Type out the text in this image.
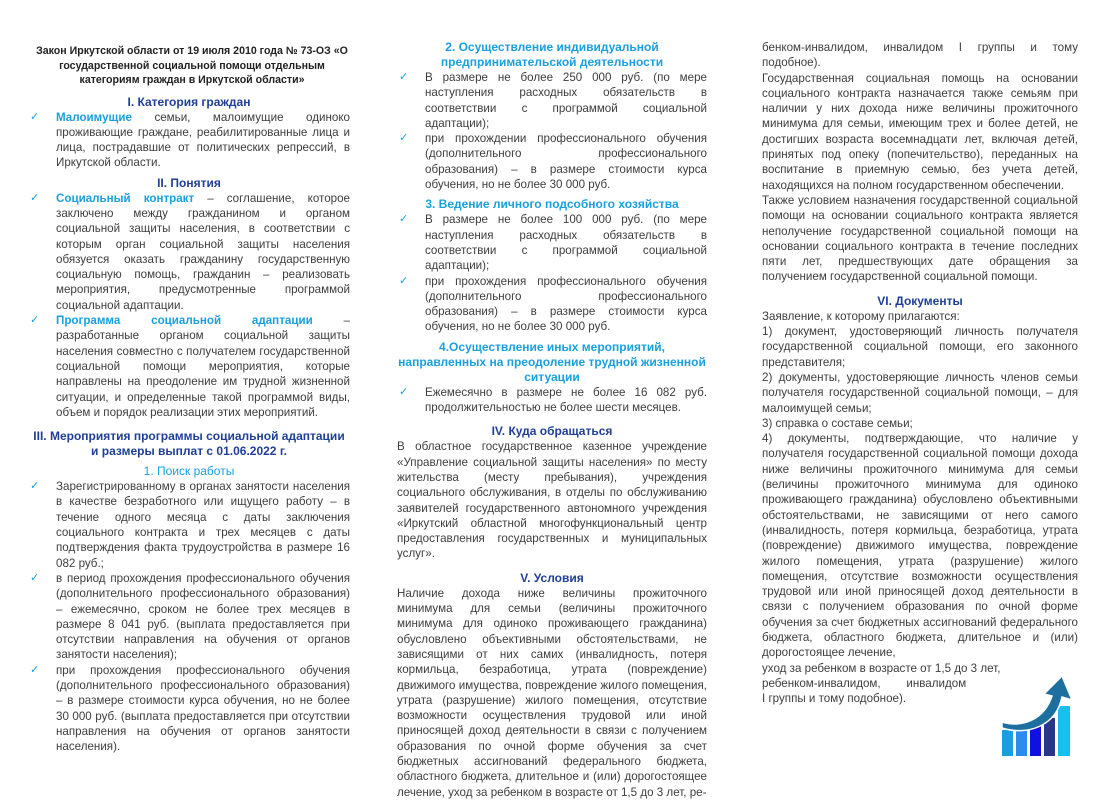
Закон Иркутской области от 19 июля 2010 года № 73-ОЗ «О государственной социальной помощи отдельным категориям граждан в Иркутской области»
I. Категория граждан
✓ Малоимущие семьи, малоимущие одиноко проживающие граждане, реабилитированные лица и лица, пострадавшие от политических репрессий, в Иркутской области.
II. Понятия
✓ Социальный контракт – соглашение, которое заключено между гражданином и органом социальной защиты населения, в соответствии с которым орган социальной защиты населения обязуется оказать гражданину государственную социальную помощь, гражданин – реализовать мероприятия, предусмотренные программой социальной адаптации.
✓ Программа социальной адаптации – разработанные органом социальной защиты населения совместно с получателем государственной социальной помощи мероприятия, которые направлены на преодоление им трудной жизненной ситуации, и определенные такой программой виды, объем и порядок реализации этих мероприятий.
III. Мероприятия программы социальной адаптации и размеры выплат с 01.06.2022 г.
1. Поиск работы
✓ Зарегистрированному в органах занятости населения в качестве безработного или ищущего работу – в течение одного месяца с даты заключения социального контракта и трех месяцев с даты подтверждения факта трудоустройства в размере 16 082 руб.;
✓ в период прохождения профессионального обучения (дополнительного профессионального образования) – ежемесячно, сроком не более трех месяцев в размере 8 041 руб. (выплата предоставляется при отсутствии направления на обучения от органов занятости населения);
✓ при прохождения профессионального обучения (дополнительного профессионального образования) – в размере стоимости курса обучения, но не более 30 000 руб. (выплата предоставляется при отсутствии направления на обучения от органов занятости населения).
2. Осуществление индивидуальной предпринимательской деятельности
✓ В размере не более 250 000 руб. (по мере наступления расходных обязательств в соответствии с программой социальной адаптации);
✓ при прохождении профессионального обучения (дополнительного профессионального образования) – в размере стоимости курса обучения, но не более 30 000 руб.
3. Ведение личного подсобного хозяйства
✓ В размере не более 100 000 руб. (по мере наступления расходных обязательств в соответствии с программой социальной адаптации);
✓ при прохождения профессионального обучения (дополнительного профессионального образования) – в размере стоимости курса обучения, но не более 30 000 руб.
4.Осуществление иных мероприятий, направленных на преодоление трудной жизненной ситуации
✓ Ежемесячно в размере не более 16 082 руб. продолжительностью не более шести месяцев.
IV. Куда обращаться

В областное государственное казенное учреждение «Управление социальной защиты населения» по месту жительства (месту пребывания), учреждения социального обслуживания, в отделы по обслуживанию заявителей государственного автономного учреждения «Иркутский областной многофункциональный центр предоставления государственных и муниципальных услуг».

V. Условия

Наличие дохода ниже величины прожиточного минимума для семьи (величины прожиточного минимума для одиноко проживающего гражданина) обусловлено объективными обстоятельствами, не зависящими от них самих (инвалидность, потеря кормильца, безработица, утрата (повреждение) движимого имущества, повреждение жилого помещения, утрата (разрушение) жилого помещения, отсутствие возможности осуществления трудовой или иной приносящей доход деятельности в связи с получением образования по очной форме обучения за счет бюджетных ассигнований федерального бюджета, областного бюджета, длительное и (или) дорогостоящее лечение, уход за ребенком в возрасте от 1,5 до 3 лет, ре-

бенком-инвалидом, инвалидом I группы и тому подобное).

Государственная социальная помощь на основании социального контракта назначается также семьям при наличии у них дохода ниже величины прожиточного минимума для семьи, имеющим трех и более детей, не достигших возраста восемнадцати лет, включая детей, принятых под опеку (попечительство), переданных на воспитание в приемную семью, без учета детей, находящихся на полном государственном обеспечении.

Также условием назначения государственной социальной помощи на основании социального контракта является неполучение государственной социальной помощи на основании социального контракта в течение последних пяти лет, предшествующих дате обращения за получением государственной социальной помощи.

VI. Документы

Заявление, к которому прилагаются:

1) документ, удостоверяющий личность получателя государственной социальной помощи, его законного представителя;

2) документы, удостоверяющие личность членов семьи получателя государственной социальной помощи, – для малоимущей семьи;

3) справка о составе семьи;

4) документы, подтверждающие, что наличие у получателя государственной социальной помощи дохода ниже величины прожиточного минимума для семьи (величины прожиточного минимума для одиноко проживающего гражданина) обусловлено объективными обстоятельствами, не зависящими от него самого (инвалидность, потеря кормильца, безработица, утрата (повреждение) движимого имущества, повреждение жилого помещения, утрата (разрушение) жилого помещения, отсутствие возможности осуществления трудовой или иной приносящей доход деятельности в связи с получением образования по очной форме обучения за счет бюджетных ассигнований федерального бюджета, областного бюджета, длительное и (или) дорогостоящее лечение,

уход за ребенком в возрасте от 1,5 до 3 лет,
ребенком-инвалидом,        инвалидом
I группы и тому подобное).
